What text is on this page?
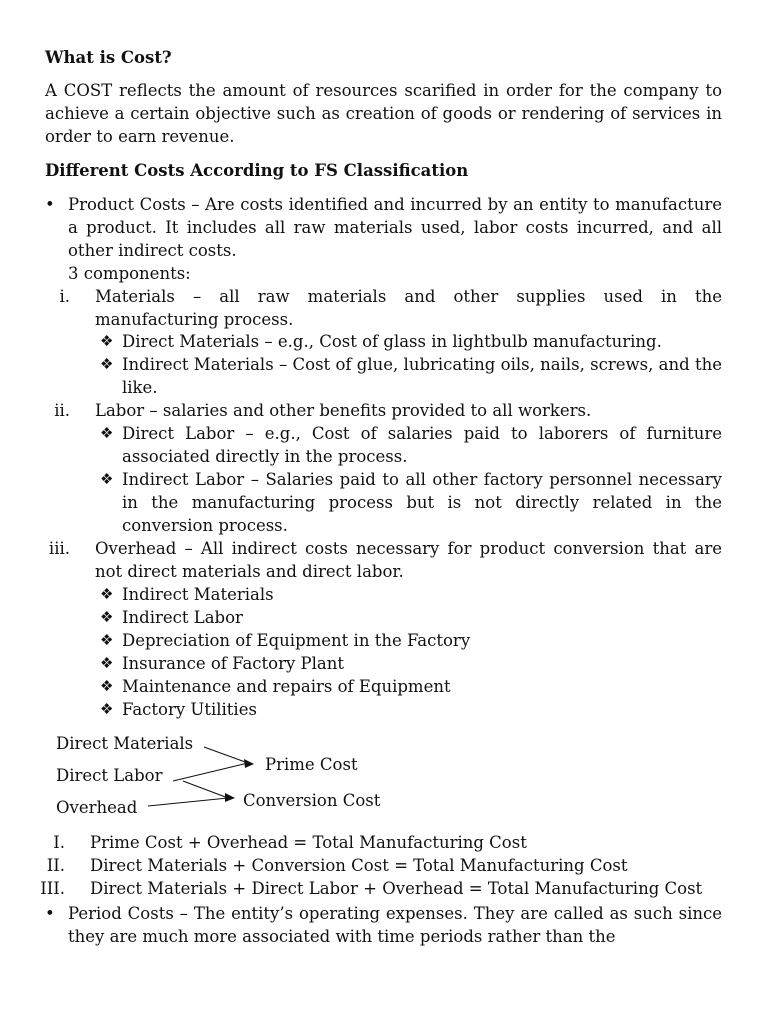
What is Cost?
A COST reflects the amount of resources scarified in order for the company to achieve a certain objective such as creation of goods or rendering of services in order to earn revenue.
Different Costs According to FS Classification
• Product Costs – Are costs identified and incurred by an entity to manufacture a product. It includes all raw materials used, labor costs incurred, and all other indirect costs.
3 components:
i. Materials – all raw materials and other supplies used in the manufacturing process.
❖ Direct Materials – e.g., Cost of glass in lightbulb manufacturing.
❖ Indirect Materials – Cost of glue, lubricating oils, nails, screws, and the like.
ii. Labor – salaries and other benefits provided to all workers.
❖ Direct Labor – e.g., Cost of salaries paid to laborers of furniture associated directly in the process.
❖ Indirect Labor – Salaries paid to all other factory personnel necessary in the manufacturing process but is not directly related in the conversion process.
iii. Overhead – All indirect costs necessary for product conversion that are not direct materials and direct labor.
❖ Indirect Materials
❖ Indirect Labor
❖ Depreciation of Equipment in the Factory
❖ Insurance of Factory Plant
❖ Maintenance and repairs of Equipment
❖ Factory Utilities
Direct Materials
Direct Labor
Overhead
Prime Cost
Conversion Cost
I. Prime Cost + Overhead = Total Manufacturing Cost
II. Direct Materials + Conversion Cost = Total Manufacturing Cost
III. Direct Materials + Direct Labor + Overhead = Total Manufacturing Cost
• Period Costs – The entity’s operating expenses. They are called as such since they are much more associated with time periods rather than the
